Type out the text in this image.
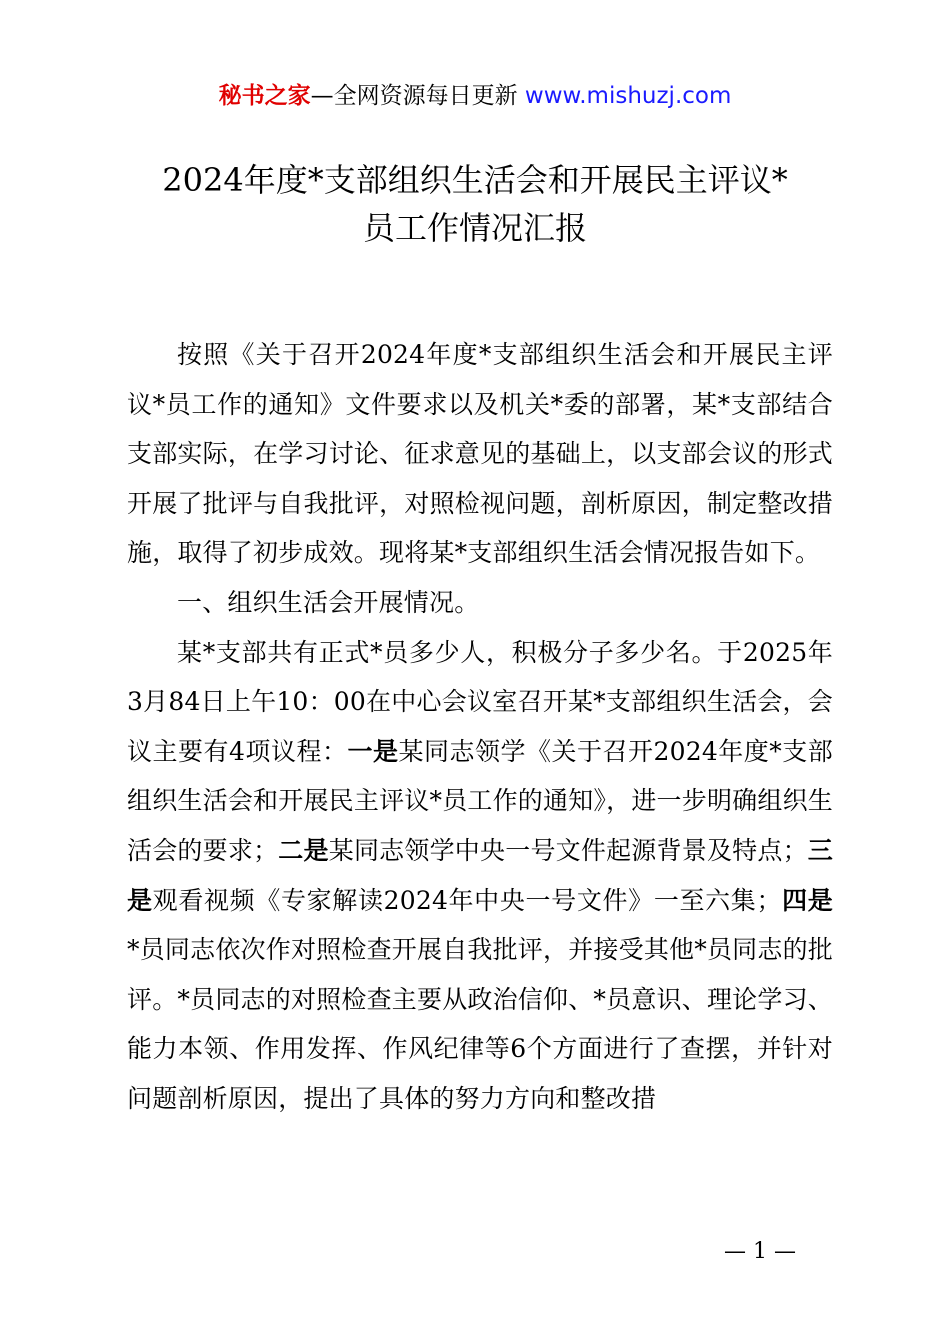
秘书之家—全网资源每日更新 www.mishuzj.com
2024年度*支部组织生活会和开展民主评议*
员工作情况汇报

按照《关于召开2024年度*支部组织生活会和开展民主评议*员工作的通知》文件要求以及机关*委的部署，某*支部结合支部实际，在学习讨论、征求意见的基础上，以支部会议的形式开展了批评与自我批评，对照检视问题，剖析原因，制定整改措施，取得了初步成效。现将某*支部组织生活会情况报告如下。

一、组织生活会开展情况。

某*支部共有正式*员多少人，积极分子多少名。于2025年3月84日上午10：00在中心会议室召开某*支部组织生活会，会议主要有4项议程：一是某同志领学《关于召开2024年度*支部组织生活会和开展民主评议*员工作的通知》，进一步明确组织生活会的要求；二是某同志领学中央一号文件起源背景及特点；三是观看视频《专家解读2024年中央一号文件》一至六集；四是*员同志依次作对照检查开展自我批评，并接受其他*员同志的批评。*员同志的对照检查主要从政治信仰、*员意识、理论学习、能力本领、作用发挥、作风纪律等6个方面进行了查摆，并针对问题剖析原因，提出了具体的努力方向和整改措

— 1 —
